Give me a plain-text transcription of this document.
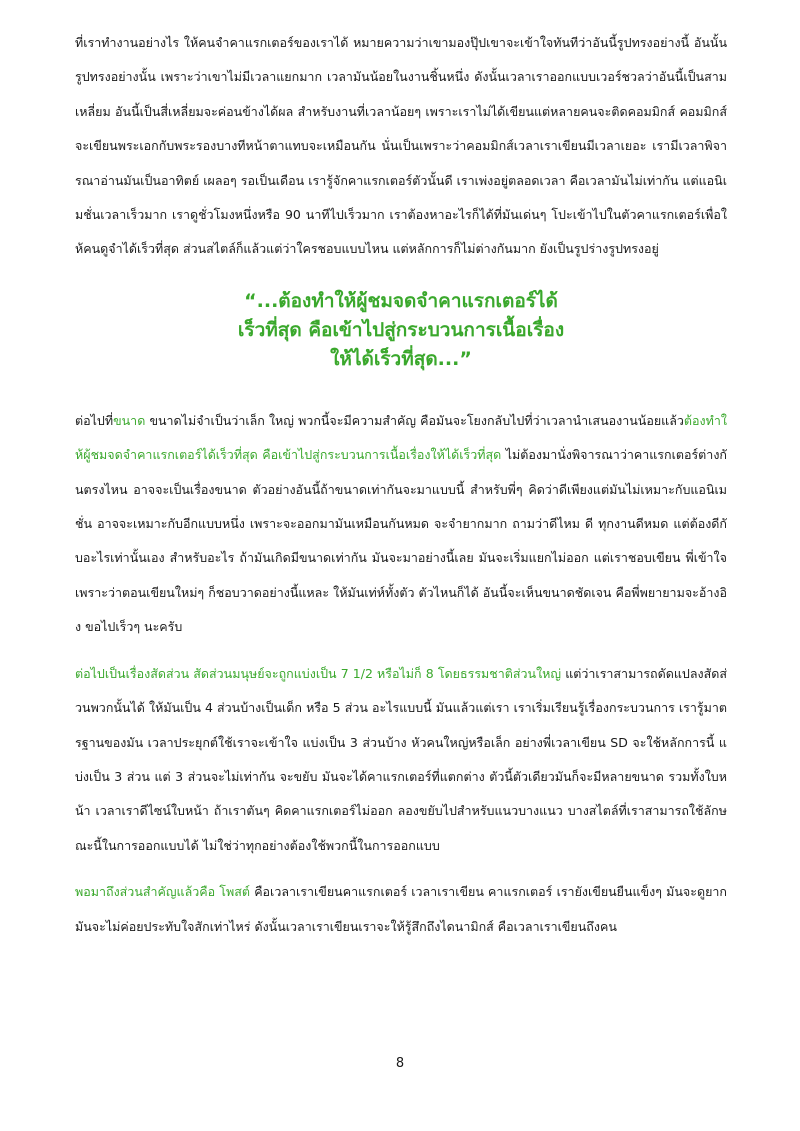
ที่เราทำงานอย่างไร ให้คนจำคาแรกเตอร์ของเราได้ หมายความว่าเขามองปุ๊ปเขาจะเข้าใจทันทีว่าอันนี้รูปทรงอย่างนี้ อันนั้นรูปทรงอย่างนั้น เพราะว่าเขาไม่มีเวลาแยกมาก เวลามันน้อยในงานชิ้นหนึ่ง ดังนั้นเวลาเราออกแบบเวอร์ชวลว่าอันนี้เป็นสามเหลี่ยม อันนี้เป็นสี่เหลี่ยมจะค่อนข้างได้ผล สำหรับงานที่เวลาน้อยๆ เพราะเราไม่ได้เขียนแต่หลายคนจะติดคอมมิกส์ คอมมิกส์จะเขียนพระเอกกับพระรองบางทีหน้าตาแทบจะเหมือนกัน นั่นเป็นเพราะว่าคอมมิกส์เวลาเราเขียนมีเวลาเยอะ เรามีเวลาพิจารณาอ่านมันเป็นอาทิตย์ เผลอๆ รอเป็นเดือน เรารู้จักคาแรกเตอร์ตัวนั้นดี เราเพ่งอยู่ตลอดเวลา คือเวลามันไม่เท่ากัน แต่แอนิเมชั่นเวลาเร็วมาก เราดูชั่วโมงหนึ่งหรือ 90 นาทีไปเร็วมาก เราต้องหาอะไรก็ได้ที่มันเด่นๆ โปะเข้าไปในตัวคาแรกเตอร์เพื่อให้คนดูจำได้เร็วที่สุด ส่วนสไตล์ก็แล้วแต่ว่าใครชอบแบบไหน แต่หลักการก็ไม่ต่างกันมาก ยังเป็นรูปร่างรูปทรงอยู่

“...ต้องทำให้ผู้ชมจดจำคาแรกเตอร์ได้
เร็วที่สุด คือเข้าไปสู่กระบวนการเนื้อเรื่อง
ให้ได้เร็วที่สุด...”

ต่อไปที่ขนาด ขนาดไม่จำเป็นว่าเล็ก ใหญ่ พวกนี้จะมีความสำคัญ คือมันจะโยงกลับไปที่ว่าเวลานำเสนองานน้อยแล้วต้องทำให้ผู้ชมจดจำคาแรกเตอร์ได้เร็วที่สุด คือเข้าไปสู่กระบวนการเนื้อเรื่องให้ได้เร็วที่สุด ไม่ต้องมานั่งพิจารณาว่าคาแรกเตอร์ต่างกันตรงไหน อาจจะเป็นเรื่องขนาด ตัวอย่างอันนี้ถ้าขนาดเท่ากันจะมาแบบนี้ สำหรับพี่ๆ คิดว่าดีเพียงแต่มันไม่เหมาะกับแอนิเมชั่น อาจจะเหมาะกับอีกแบบหนึ่ง เพราะจะออกมามันเหมือนกันหมด จะจำยากมาก ถามว่าดีไหม ดี ทุกงานดีหมด แต่ต้องดีกับอะไรเท่านั้นเอง สำหรับอะไร ถ้ามันเกิดมีขนาดเท่ากัน มันจะมาอย่างนี้เลย มันจะเริ่มแยกไม่ออก แต่เราชอบเขียน พี่เข้าใจ เพราะว่าตอนเขียนใหม่ๆ ก็ชอบวาดอย่างนี้แหละ ให้มันเท่ห์ทั้งตัว ตัวไหนก็ได้ อันนี้จะเห็นขนาดชัดเจน คือพี่พยายามจะอ้างอิง ขอไปเร็วๆ นะครับ

ต่อไปเป็นเรื่องสัดส่วน สัดส่วนมนุษย์จะถูกแบ่งเป็น 7 1/2 หรือไม่ก็ 8 โดยธรรมชาติส่วนใหญ่ แต่ว่าเราสามารถดัดแปลงสัดส่วนพวกนั้นได้ ให้มันเป็น 4 ส่วนบ้างเป็นเด็ก หรือ 5 ส่วน อะไรแบบนี้ มันแล้วแต่เรา เราเริ่มเรียนรู้เรื่องกระบวนการ เรารู้มาตรฐานของมัน เวลาประยุกต์ใช้เราจะเข้าใจ แบ่งเป็น 3 ส่วนบ้าง หัวคนใหญ่หรือเล็ก อย่างพี่เวลาเขียน SD จะใช้หลักการนี้ แบ่งเป็น 3 ส่วน แต่ 3 ส่วนจะไม่เท่ากัน จะขยับ มันจะได้คาแรกเตอร์ที่แตกต่าง ตัวนี้ตัวเดียวมันก็จะมีหลายขนาด รวมทั้งใบหน้า เวลาเราดีไซน์ใบหน้า ถ้าเราตันๆ คิดคาแรกเตอร์ไม่ออก ลองขยับไปสำหรับแนวบางแนว บางสไตล์ที่เราสามารถใช้ลักษณะนี้ในการออกแบบได้ ไม่ใช่ว่าทุกอย่างต้องใช้พวกนี้ในการออกแบบ

พอมาถึงส่วนสำคัญแล้วคือ โพสต์ คือเวลาเราเขียนคาแรกเตอร์ เวลาเราเขียน คาแรกเตอร์ เรายังเขียนยืนแข็งๆ มันจะดูยาก มันจะไม่ค่อยประทับใจสักเท่าไหร่ ดังนั้นเวลาเราเขียนเราจะให้รู้สึกถึงไดนามิกส์ คือเวลาเราเขียนถึงคน

8
